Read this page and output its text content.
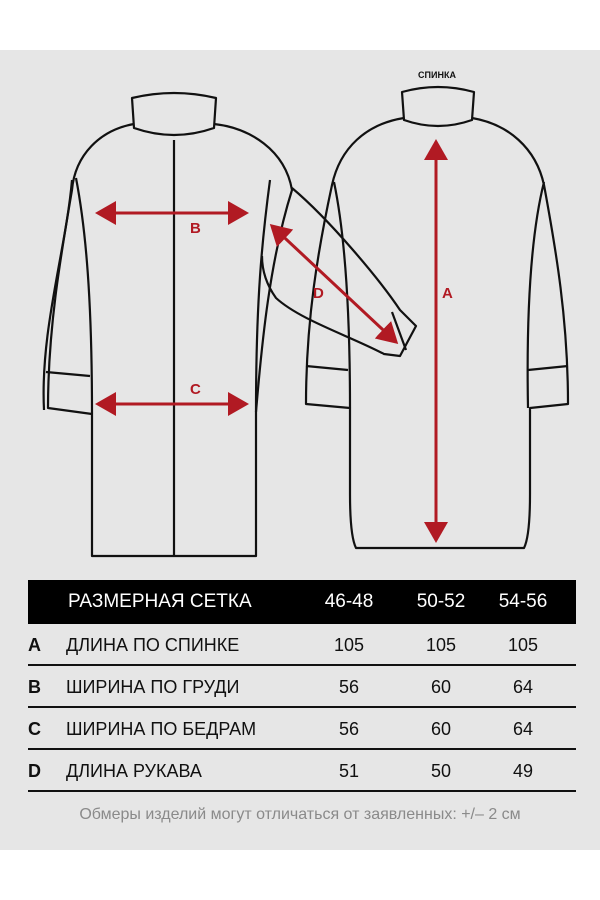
B
C
D	A
СПИНКА
РАЗМЕРНАЯ СЕТКА	46-48 50-52 54-56
A ДЛИНА ПО СПИНКЕ	105	105	105
B ШИРИНА ПО ГРУДИ	56	60	64
C ШИРИНА ПО БЕДРАМ	56	60	64
D ДЛИНА РУКАВА	51	50	49
Обмеры изделий могут отличаться от заявленных: +/– 2 см
